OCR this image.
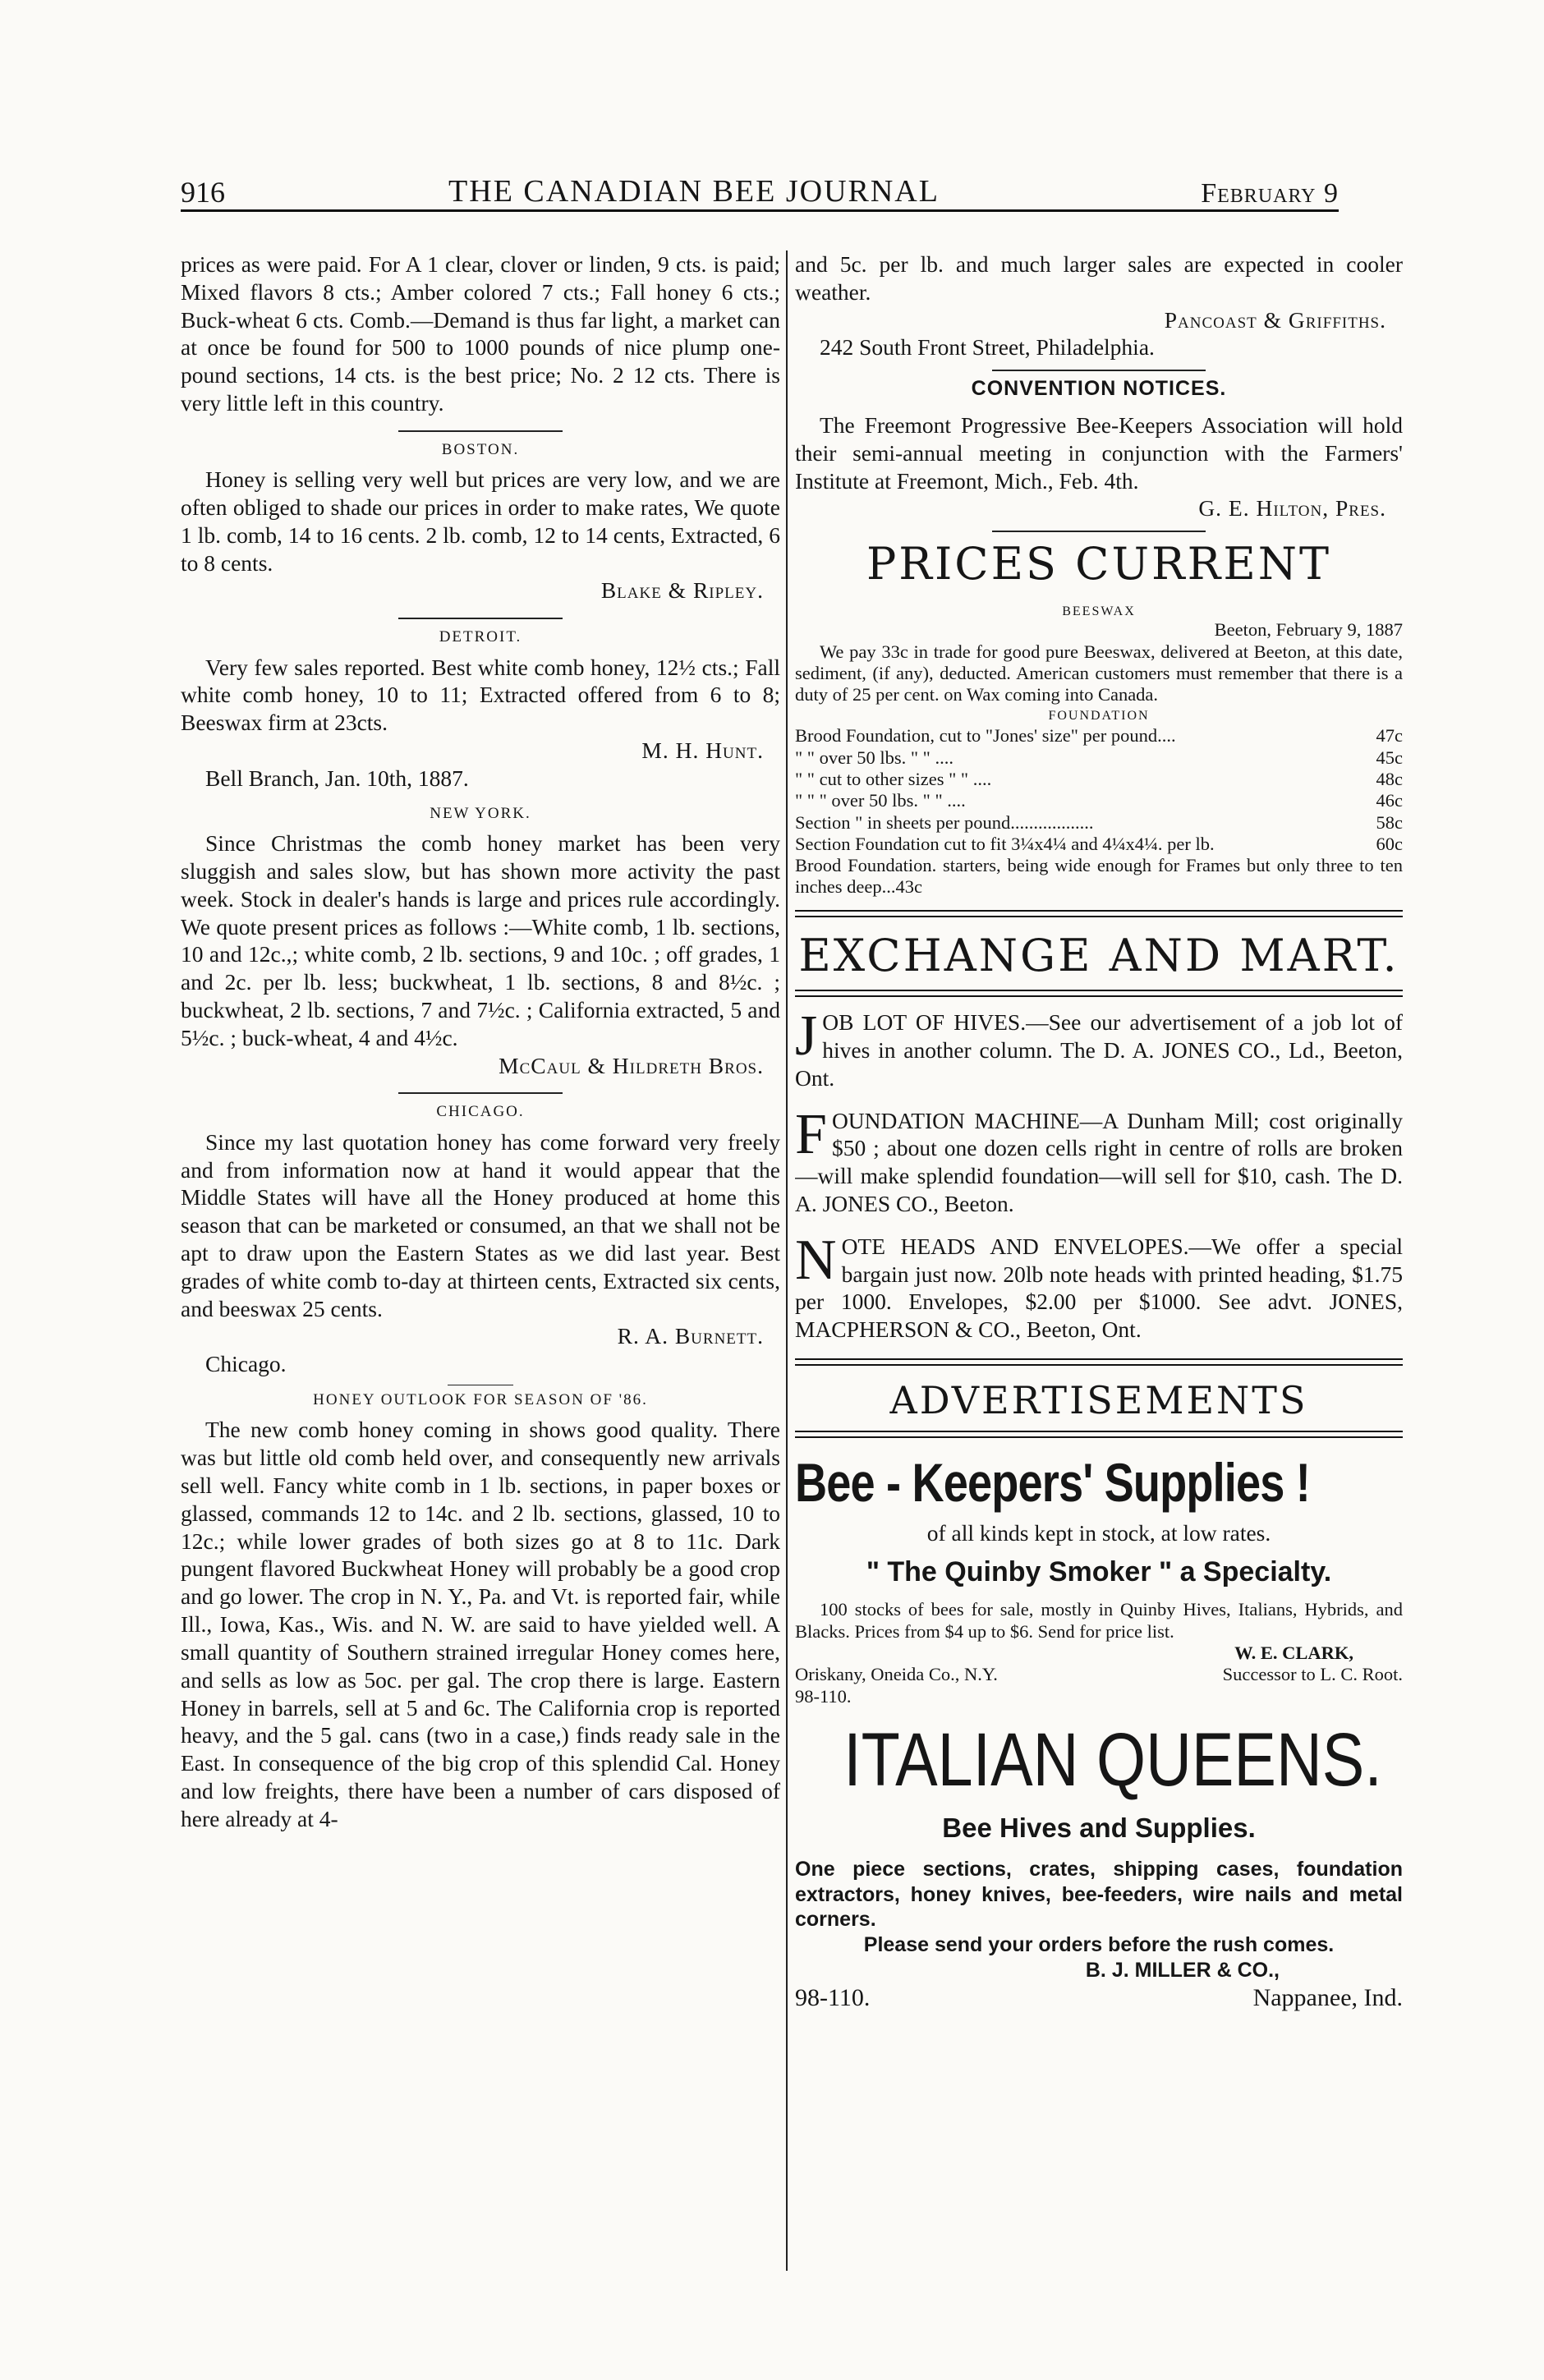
916	THE CANADIAN BEE JOURNAL	February 9

prices as were paid. For A 1 clear, clover or linden, 9 cts. is paid; Mixed flavors 8 cts.; Amber colored 7 cts.; Fall honey 6 cts.; Buck-wheat 6 cts. Comb.—Demand is thus far light, a market can at once be found for 500 to 1000 pounds of nice plump one-pound sections, 14 cts. is the best price; No. 2 12 cts. There is very little left in this country.

BOSTON.

Honey is selling very well but prices are very low, and we are often obliged to shade our prices in order to make rates, We quote 1 lb. comb, 14 to 16 cents. 2 lb. comb, 12 to 14 cents, Extracted, 6 to 8 cents.

Blake & Ripley.

DETROIT.

Very few sales reported. Best white comb honey, 12½ cts.; Fall white comb honey, 10 to 11; Extracted offered from 6 to 8; Beeswax firm at 23cts.

M. H. Hunt.

Bell Branch, Jan. 10th, 1887.

NEW YORK.

Since Christmas the comb honey market has been very sluggish and sales slow, but has shown more activity the past week. Stock in dealer's hands is large and prices rule accordingly. We quote present prices as follows :—White comb, 1 lb. sections, 10 and 12c.,; white comb, 2 lb. sections, 9 and 10c. ; off grades, 1 and 2c. per lb. less; buckwheat, 1 lb. sections, 8 and 8½c. ; buckwheat, 2 lb. sections, 7 and 7½c. ; California extracted, 5 and 5½c. ; buck-wheat, 4 and 4½c.

McCaul & Hildreth Bros.

CHICAGO.

Since my last quotation honey has come forward very freely and from information now at hand it would appear that the Middle States will have all the Honey produced at home this season that can be marketed or consumed, an that we shall not be apt to draw upon the Eastern States as we did last year. Best grades of white comb to-day at thirteen cents, Extracted six cents, and beeswax 25 cents.

R. A. Burnett.

Chicago.

HONEY OUTLOOK FOR SEASON OF '86.

The new comb honey coming in shows good quality. There was but little old comb held over, and consequently new arrivals sell well. Fancy white comb in 1 lb. sections, in paper boxes or glassed, commands 12 to 14c. and 2 lb. sections, glassed, 10 to 12c.; while lower grades of both sizes go at 8 to 11c. Dark pungent flavored Buckwheat Honey will probably be a good crop and go lower. The crop in N. Y., Pa. and Vt. is reported fair, while Ill., Iowa, Kas., Wis. and N. W. are said to have yielded well. A small quantity of Southern strained irregular Honey comes here, and sells as low as 5oc. per gal. The crop there is large. Eastern Honey in barrels, sell at 5 and 6c. The California crop is reported heavy, and the 5 gal. cans (two in a case,) finds ready sale in the East. In consequence of the big crop of this splendid Cal. Honey and low freights, there have been a number of cars disposed of here already at 4-

and 5c. per lb. and much larger sales are expected in cooler weather.

Pancoast & Griffiths.

242 South Front Street, Philadelphia.

CONVENTION NOTICES.

The Freemont Progressive Bee-Keepers Association will hold their semi-annual meeting in conjunction with the Farmers' Institute at Freemont, Mich., Feb. 4th.

G. E. Hilton, Pres.

PRICES CURRENT
BEESWAX

Beeton, February 9, 1887

We pay 33c in trade for good pure Beeswax, delivered at Beeton, at this date, sediment, (if any), deducted. American customers must remember that there is a duty of 25 per cent. on Wax coming into Canada.

FOUNDATION
Brood Foundation, cut to "Jones' size" per pound....	47c
" " over 50 lbs. " " ....	45c
" " cut to other sizes " " ....	48c
" " " over 50 lbs. " " ....	46c
Section " in sheets per pound..................	58c
Section Foundation cut to fit 3¼x4¼ and 4¼x4¼. per lb.	60c

Brood Foundation. starters, being wide enough for Frames but only three to ten inches deep...43c

EXCHANGE AND MART.
J OB LOT OF HIVES.—See our advertisement of a job lot of hives in another column. The D. A. JONES CO., Ld., Beeton, Ont.

F OUNDATION MACHINE—A Dunham Mill; cost originally $50 ; about one dozen cells right in centre of rolls are broken—will make splendid foundation—will sell for $10, cash. The D. A. JONES CO., Beeton.

N OTE HEADS AND ENVELOPES.—We offer a special bargain just now. 20lb note heads with printed heading, $1.75 per 1000. Envelopes, $2.00 per $1000. See advt. JONES, MACPHERSON & CO., Beeton, Ont.

ADVERTISEMENTS
Bee - Keepers' Supplies !

of all kinds kept in stock, at low rates.

" The Quinby Smoker " a Specialty.

100 stocks of bees for sale, mostly in Quinby Hives, Italians, Hybrids, and Blacks. Prices from $4 up to $6. Send for price list.

W. E. CLARK,

Oriskany, Oneida Co., N.Y.	Successor to L. C. Root.

98-110.

ITALIAN QUEENS.
Bee Hives and Supplies.

One piece sections, crates, shipping cases, foundation extractors, honey knives, bee-feeders, wire nails and metal corners.

Please send your orders before the rush comes.

B. J. MILLER & CO.,

98-110.	Nappanee, Ind.
